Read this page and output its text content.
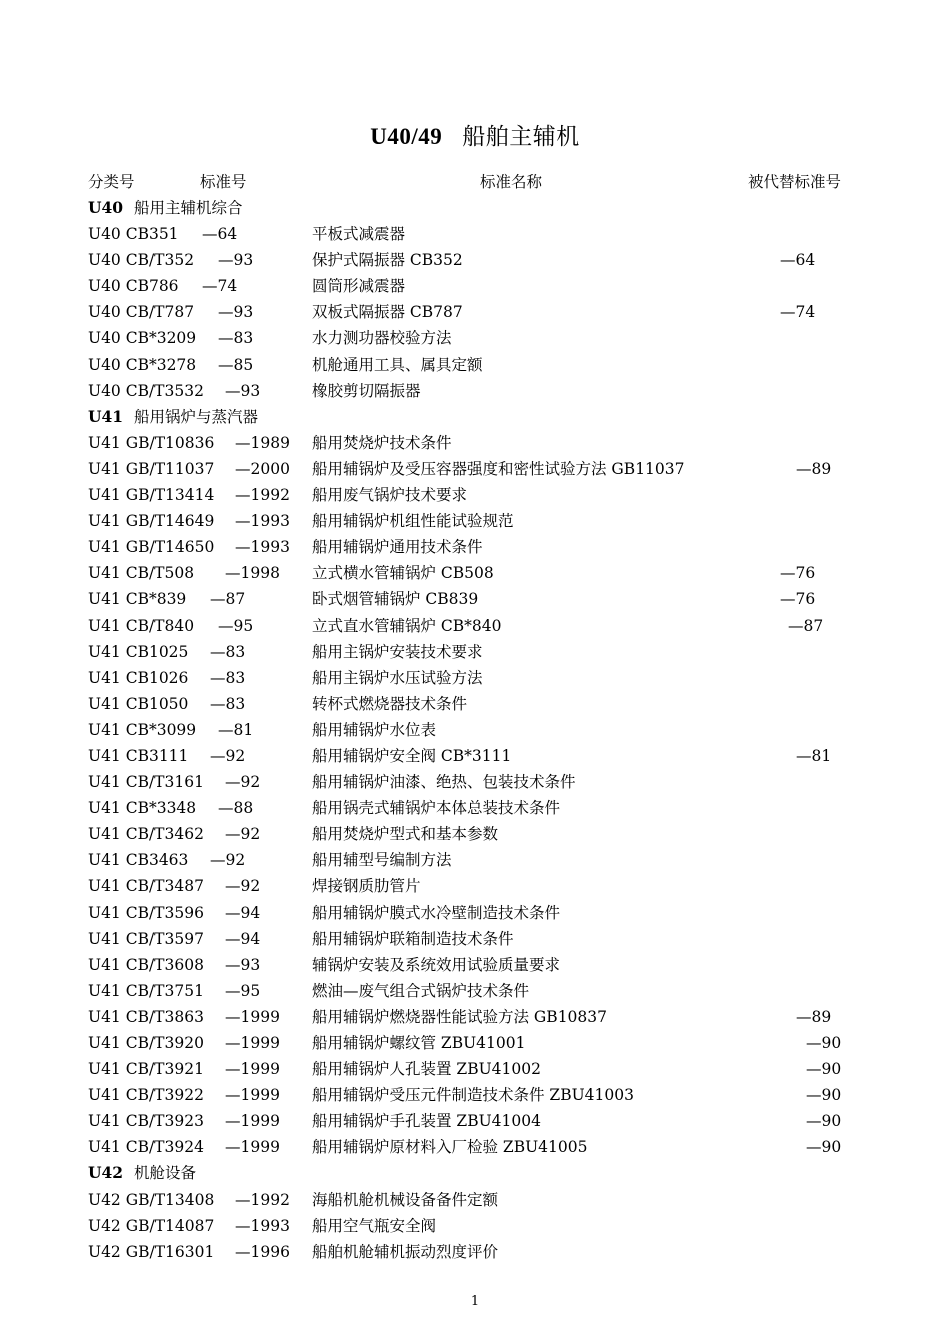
U40/49 船舶主辅机
分类号	标准号	标准名称	被代替标准号
U40 船用主辅机综合
U40 CB351 —64	平板式减震器
U40 CB/T352 —93	保护式隔振器 CB352	—64
U40 CB786 —74	圆筒形减震器
U40 CB/T787 —93	双板式隔振器 CB787	—74
U40 CB*3209 —83	水力测功器校验方法
U40 CB*3278 —85	机舱通用工具、属具定额
U40 CB/T3532 —93	橡胶剪切隔振器
U41 船用锅炉与蒸汽器
U41 GB/T10836 —1989 船用焚烧炉技术条件
U41 GB/T11037 —2000 船用辅锅炉及受压容器强度和密性试验方法 GB11037	—89
U41 GB/T13414 —1992 船用废气锅炉技术要求
U41 GB/T14649 —1993 船用辅锅炉机组性能试验规范
U41 GB/T14650 —1993 船用辅锅炉通用技术条件
U41 CB/T508 —1998 立式横水管辅锅炉 CB508	—76
U41 CB*839 —87	卧式烟管辅锅炉 CB839	—76
U41 CB/T840 —95	立式直水管辅锅炉 CB*840	—87
U41 CB1025 —83	船用主锅炉安装技术要求
U41 CB1026 —83	船用主锅炉水压试验方法
U41 CB1050 —83	转杯式燃烧器技术条件
U41 CB*3099 —81	船用辅锅炉水位表
U41 CB3111 —92	船用辅锅炉安全阀 CB*3111	—81
U41 CB/T3161 —92	船用辅锅炉油漆、绝热、包装技术条件
U41 CB*3348 —88	船用锅壳式辅锅炉本体总装技术条件
U41 CB/T3462 —92	船用焚烧炉型式和基本参数
U41 CB3463 —92	船用辅型号编制方法
U41 CB/T3487 —92	焊接钢质肋管片
U41 CB/T3596 —94	船用辅锅炉膜式水冷壁制造技术条件
U41 CB/T3597 —94	船用辅锅炉联箱制造技术条件
U41 CB/T3608 —93	辅锅炉安装及系统效用试验质量要求
U41 CB/T3751 —95	燃油—废气组合式锅炉技术条件
U41 CB/T3863 —1999 船用辅锅炉燃烧器性能试验方法 GB10837	—89
U41 CB/T3920 —1999 船用辅锅炉螺纹管 ZBU41001	—90
U41 CB/T3921 —1999 船用辅锅炉人孔装置 ZBU41002	—90
U41 CB/T3922 —1999 船用辅锅炉受压元件制造技术条件 ZBU41003	—90
U41 CB/T3923 —1999 船用辅锅炉手孔装置 ZBU41004	—90
U41 CB/T3924 —1999 船用辅锅炉原材料入厂检验 ZBU41005	—90
U42 机舱设备
U42 GB/T13408 —1992 海船机舱机械设备备件定额
U42 GB/T14087 —1993 船用空气瓶安全阀
U42 GB/T16301 —1996 船舶机舱辅机振动烈度评价
1
